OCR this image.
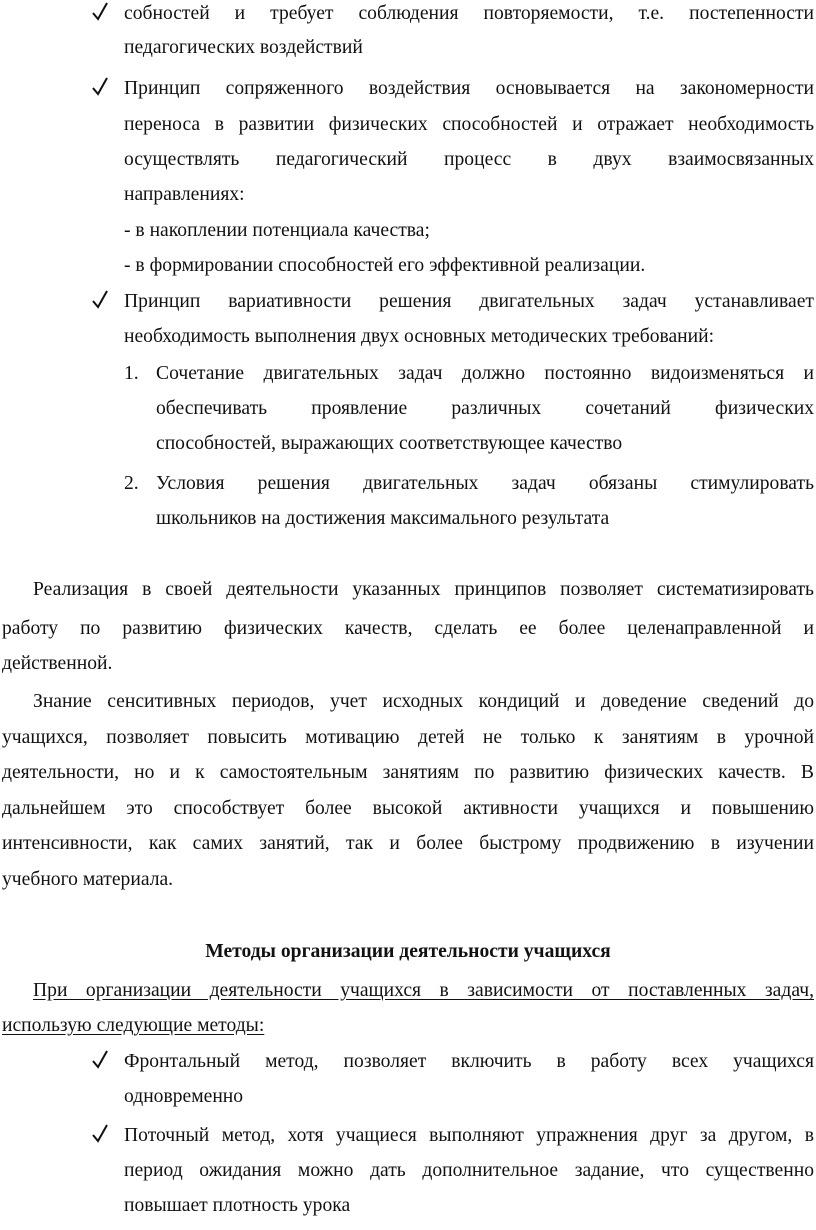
собностей и требует соблюдения повторяемости, т.е. постепенности
педагогических воздействий
Принцип сопряженного воздействия основывается на закономерности
переноса в развитии физических способностей и отражает необходимость
осуществлять педагогический процесс в двух взаимосвязанных
направлениях:
- в накоплении потенциала качества;
- в формировании способностей его эффективной реализации.
Принцип вариативности решения двигательных задач устанавливает
необходимость выполнения двух основных методических требований:
1. Сочетание двигательных задач должно постоянно видоизменяться и
обеспечивать проявление различных сочетаний физических
способностей, выражающих соответствующее качество
2. Условия решения двигательных задач обязаны стимулировать
школьников на достижения максимального результата
Реализация в своей деятельности указанных принципов позволяет систематизировать
работу по развитию физических качеств, сделать ее более целенаправленной и
действенной.
Знание сенситивных периодов, учет исходных кондиций и доведение сведений до
учащихся, позволяет повысить мотивацию детей не только к занятиям в урочной
деятельности, но и к самостоятельным занятиям по развитию физических качеств. В
дальнейшем это способствует более высокой активности учащихся и повышению
интенсивности, как самих занятий, так и более быстрому продвижению в изучении
учебного материала.
Методы организации деятельности учащихся
При организации деятельности учащихся в зависимости от поставленных задач,
использую следующие методы:
Фронтальный метод, позволяет включить в работу всех учащихся
одновременно
Поточный метод, хотя учащиеся выполняют упражнения друг за другом, в
период ожидания можно дать дополнительное задание, что существенно
повышает плотность урока
